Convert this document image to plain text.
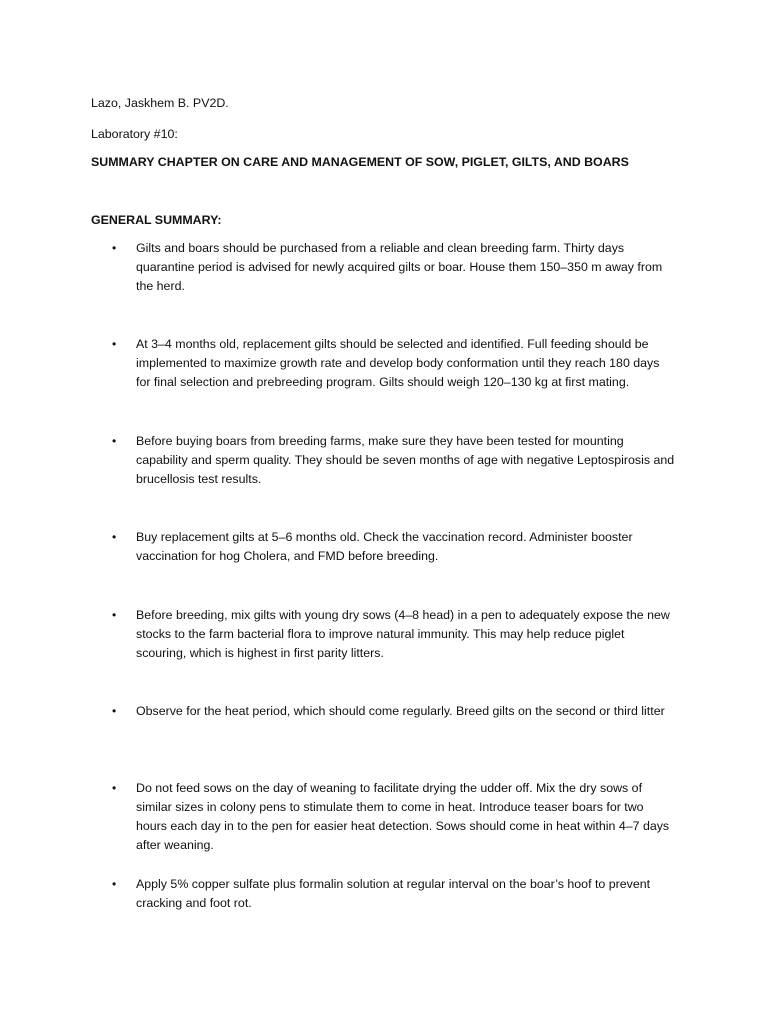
Lazo, Jaskhem B. PV2D.
Laboratory #10:
SUMMARY CHAPTER ON CARE AND MANAGEMENT OF SOW, PIGLET, GILTS, AND BOARS
GENERAL SUMMARY:
• Gilts and boars should be purchased from a reliable and clean breeding farm. Thirty days quarantine period is advised for newly acquired gilts or boar. House them 150–350 m away from the herd.
• At 3–4 months old, replacement gilts should be selected and identified. Full feeding should be implemented to maximize growth rate and develop body conformation until they reach 180 days for final selection and prebreeding program. Gilts should weigh 120–130 kg at first mating.
• Before buying boars from breeding farms, make sure they have been tested for mounting capability and sperm quality. They should be seven months of age with negative Leptospirosis and brucellosis test results.
• Buy replacement gilts at 5–6 months old. Check the vaccination record. Administer booster vaccination for hog Cholera, and FMD before breeding.
• Before breeding, mix gilts with young dry sows (4–8 head) in a pen to adequately expose the new stocks to the farm bacterial flora to improve natural immunity. This may help reduce piglet scouring, which is highest in first parity litters.
• Observe for the heat period, which should come regularly. Breed gilts on the second or third litter
• Do not feed sows on the day of weaning to facilitate drying the udder off. Mix the dry sows of similar sizes in colony pens to stimulate them to come in heat. Introduce teaser boars for two hours each day in to the pen for easier heat detection. Sows should come in heat within 4–7 days after weaning.
• Apply 5% copper sulfate plus formalin solution at regular interval on the boar’s hoof to prevent cracking and foot rot.
